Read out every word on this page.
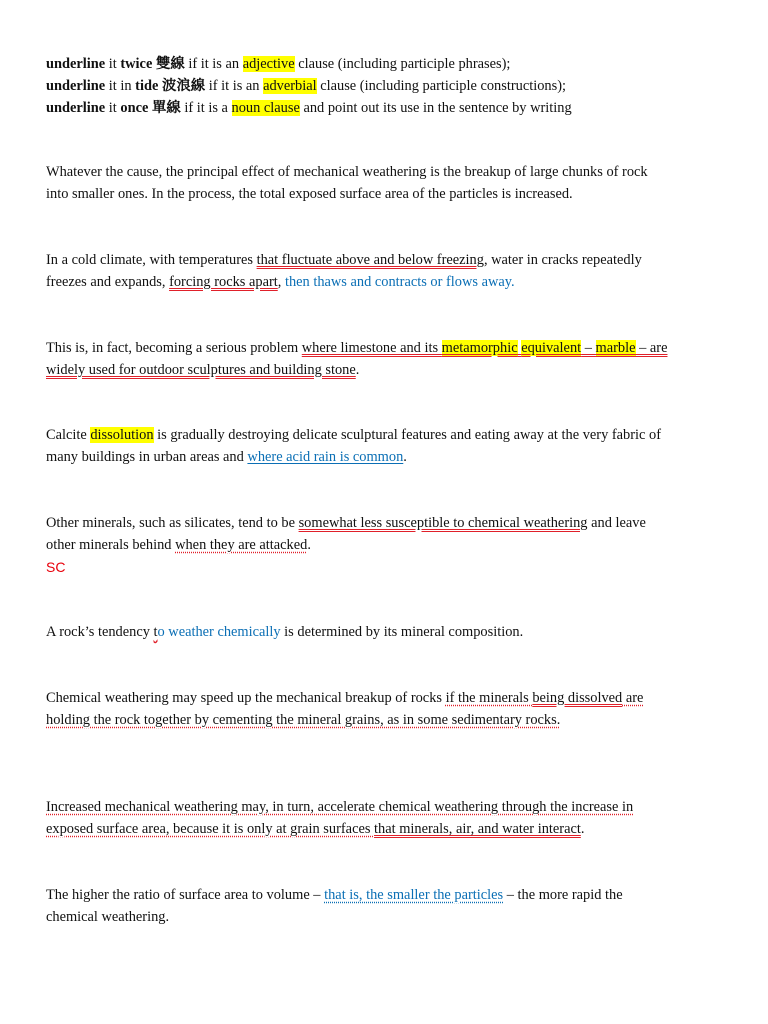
underline it twice 雙線 if it is an adjective clause (including participle phrases);
underline it in tide 波浪線 if it is an adverbial clause (including participle constructions);
underline it once 單線 if it is a noun clause and point out its use in the sentence by writing
Whatever the cause, the principal effect of mechanical weathering is the breakup of large chunks of rock
into smaller ones. In the process, the total exposed surface area of the particles is increased.
In a cold climate, with temperatures that fluctuate above and below freezing, water in cracks repeatedly
freezes and expands, forcing rocks apart, then thaws and contracts or flows away.
This is, in fact, becoming a serious problem where limestone and its metamorphic equivalent – marble – are
widely used for outdoor sculptures and building stone.
Calcite dissolution is gradually destroying delicate sculptural features and eating away at the very fabric of
many buildings in urban areas and where acid rain is common.
Other minerals, such as silicates, tend to be somewhat less susceptible to chemical weathering and leave
other minerals behind when they are attacked.
SC
A rock’s tendency to weather chemically is determined by its mineral composition.
Chemical weathering may speed up the mechanical breakup of rocks if the minerals being dissolved are
holding the rock together by cementing the mineral grains, as in some sedimentary rocks.
Increased mechanical weathering may, in turn, accelerate chemical weathering through the increase in
exposed surface area, because it is only at grain surfaces that minerals, air, and water interact.
The higher the ratio of surface area to volume – that is, the smaller the particles – the more rapid the
chemical weathering.
